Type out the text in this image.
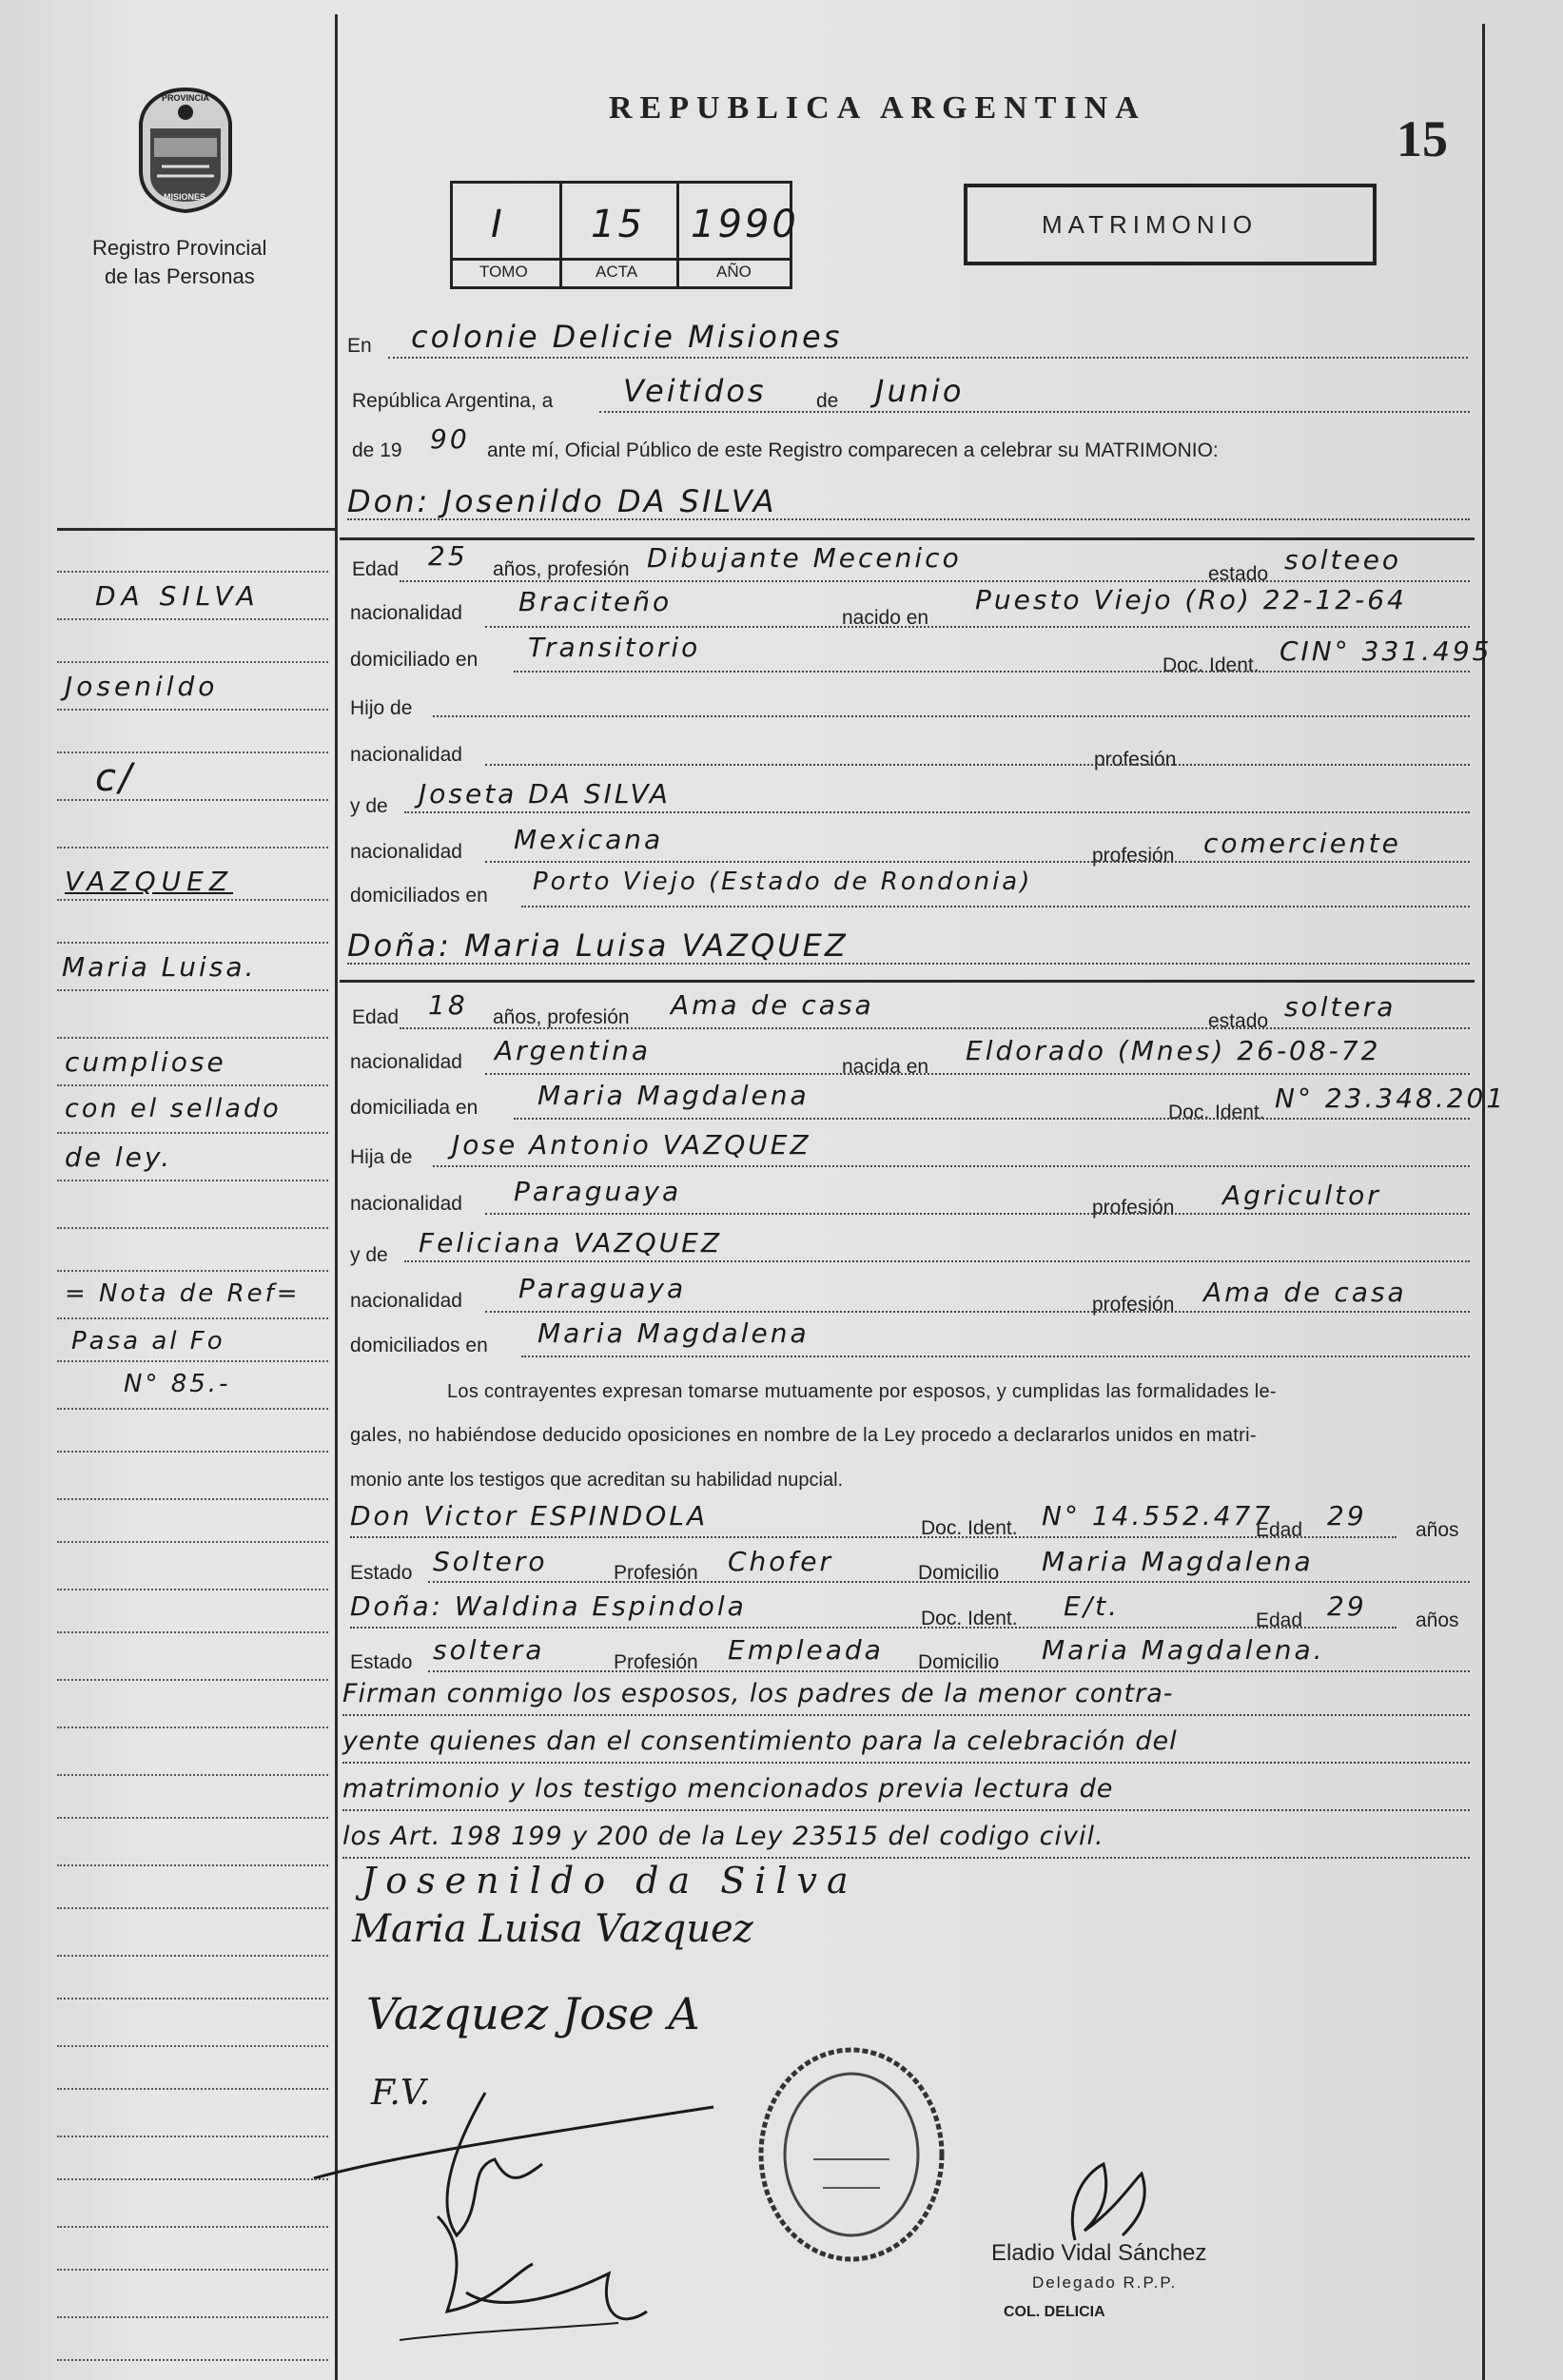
PROVINCIA
MISIONES
Registro Provincial
de las Personas
REPUBLICA ARGENTINA
15
I 15 1990
TOMO	ACTA	AÑO
MATRIMONIO
En colonie Delicie Misiones
República Argentina, a Veitidos de Junio
de 19 90 ante mí, Oficial Público de este Registro comparecen a celebrar su MATRIMONIO:
Don: Josenildo DA SILVA
Edad 25 años, profesión Dibujante Mecenico
estado solteeo
nacionalidad Braciteño
nacido en
Puesto Viejo (Ro) 22-12-64
domiciliado en Transitorio
Doc. Ident. CIN° 331.495
Hijo de
nacionalidad	profesión
y de Joseta DA SILVA
nacionalidad Mexicana
profesión comerciente
domiciliados en Porto Viejo (Estado de Rondonia)
Doña: Maria Luisa VAZQUEZ
Edad 18 años, profesión Ama de casa
estado soltera
nacionalidad Argentina
nacida en
Eldorado (Mnes) 26-08-72
domiciliada en Maria Magdalena
Doc. Ident. N° 23.348.201
Hija de Jose Antonio VAZQUEZ
nacionalidad Paraguaya
profesión Agricultor
y de Feliciana VAZQUEZ
nacionalidad Paraguaya
profesión Ama de casa
domiciliados en Maria Magdalena
Los contrayentes expresan tomarse mutuamente por esposos, y cumplidas las formalidades le-
gales, no habiéndose deducido oposiciones en nombre de la Ley procedo a declararlos unidos en matri-
monio ante los testigos que acreditan su habilidad nupcial.
Don Victor ESPINDOLA	Doc. Ident. N° 14.552.477
Edad 29 años
Estado Soltero	Profesión Chofer	Domicilio Maria Magdalena
Doña: Waldina Espindola	Doc. Ident. E/t.	Edad 29 años
Estado soltera	Profesión Empleada Domicilio Maria Magdalena.
Firman conmigo los esposos, los padres de la menor contra-
yente quienes dan el consentimiento para la celebración del
matrimonio y los testigo mencionados previa lectura de
los Art. 198 199 y 200 de la Ley 23515 del codigo civil.
Josenildo da Silva
Maria Luisa Vazquez
Vazquez Jose A
F.V.
Eladio Vidal Sánchez
Delegado R.P.P.
COL. DELICIA
DA SILVA
Josenildo
c/
VAZQUEZ
Maria Luisa.
cumpliose
con el sellado
de ley.
= Nota de Ref=
Pasa al Fo
N° 85.-
